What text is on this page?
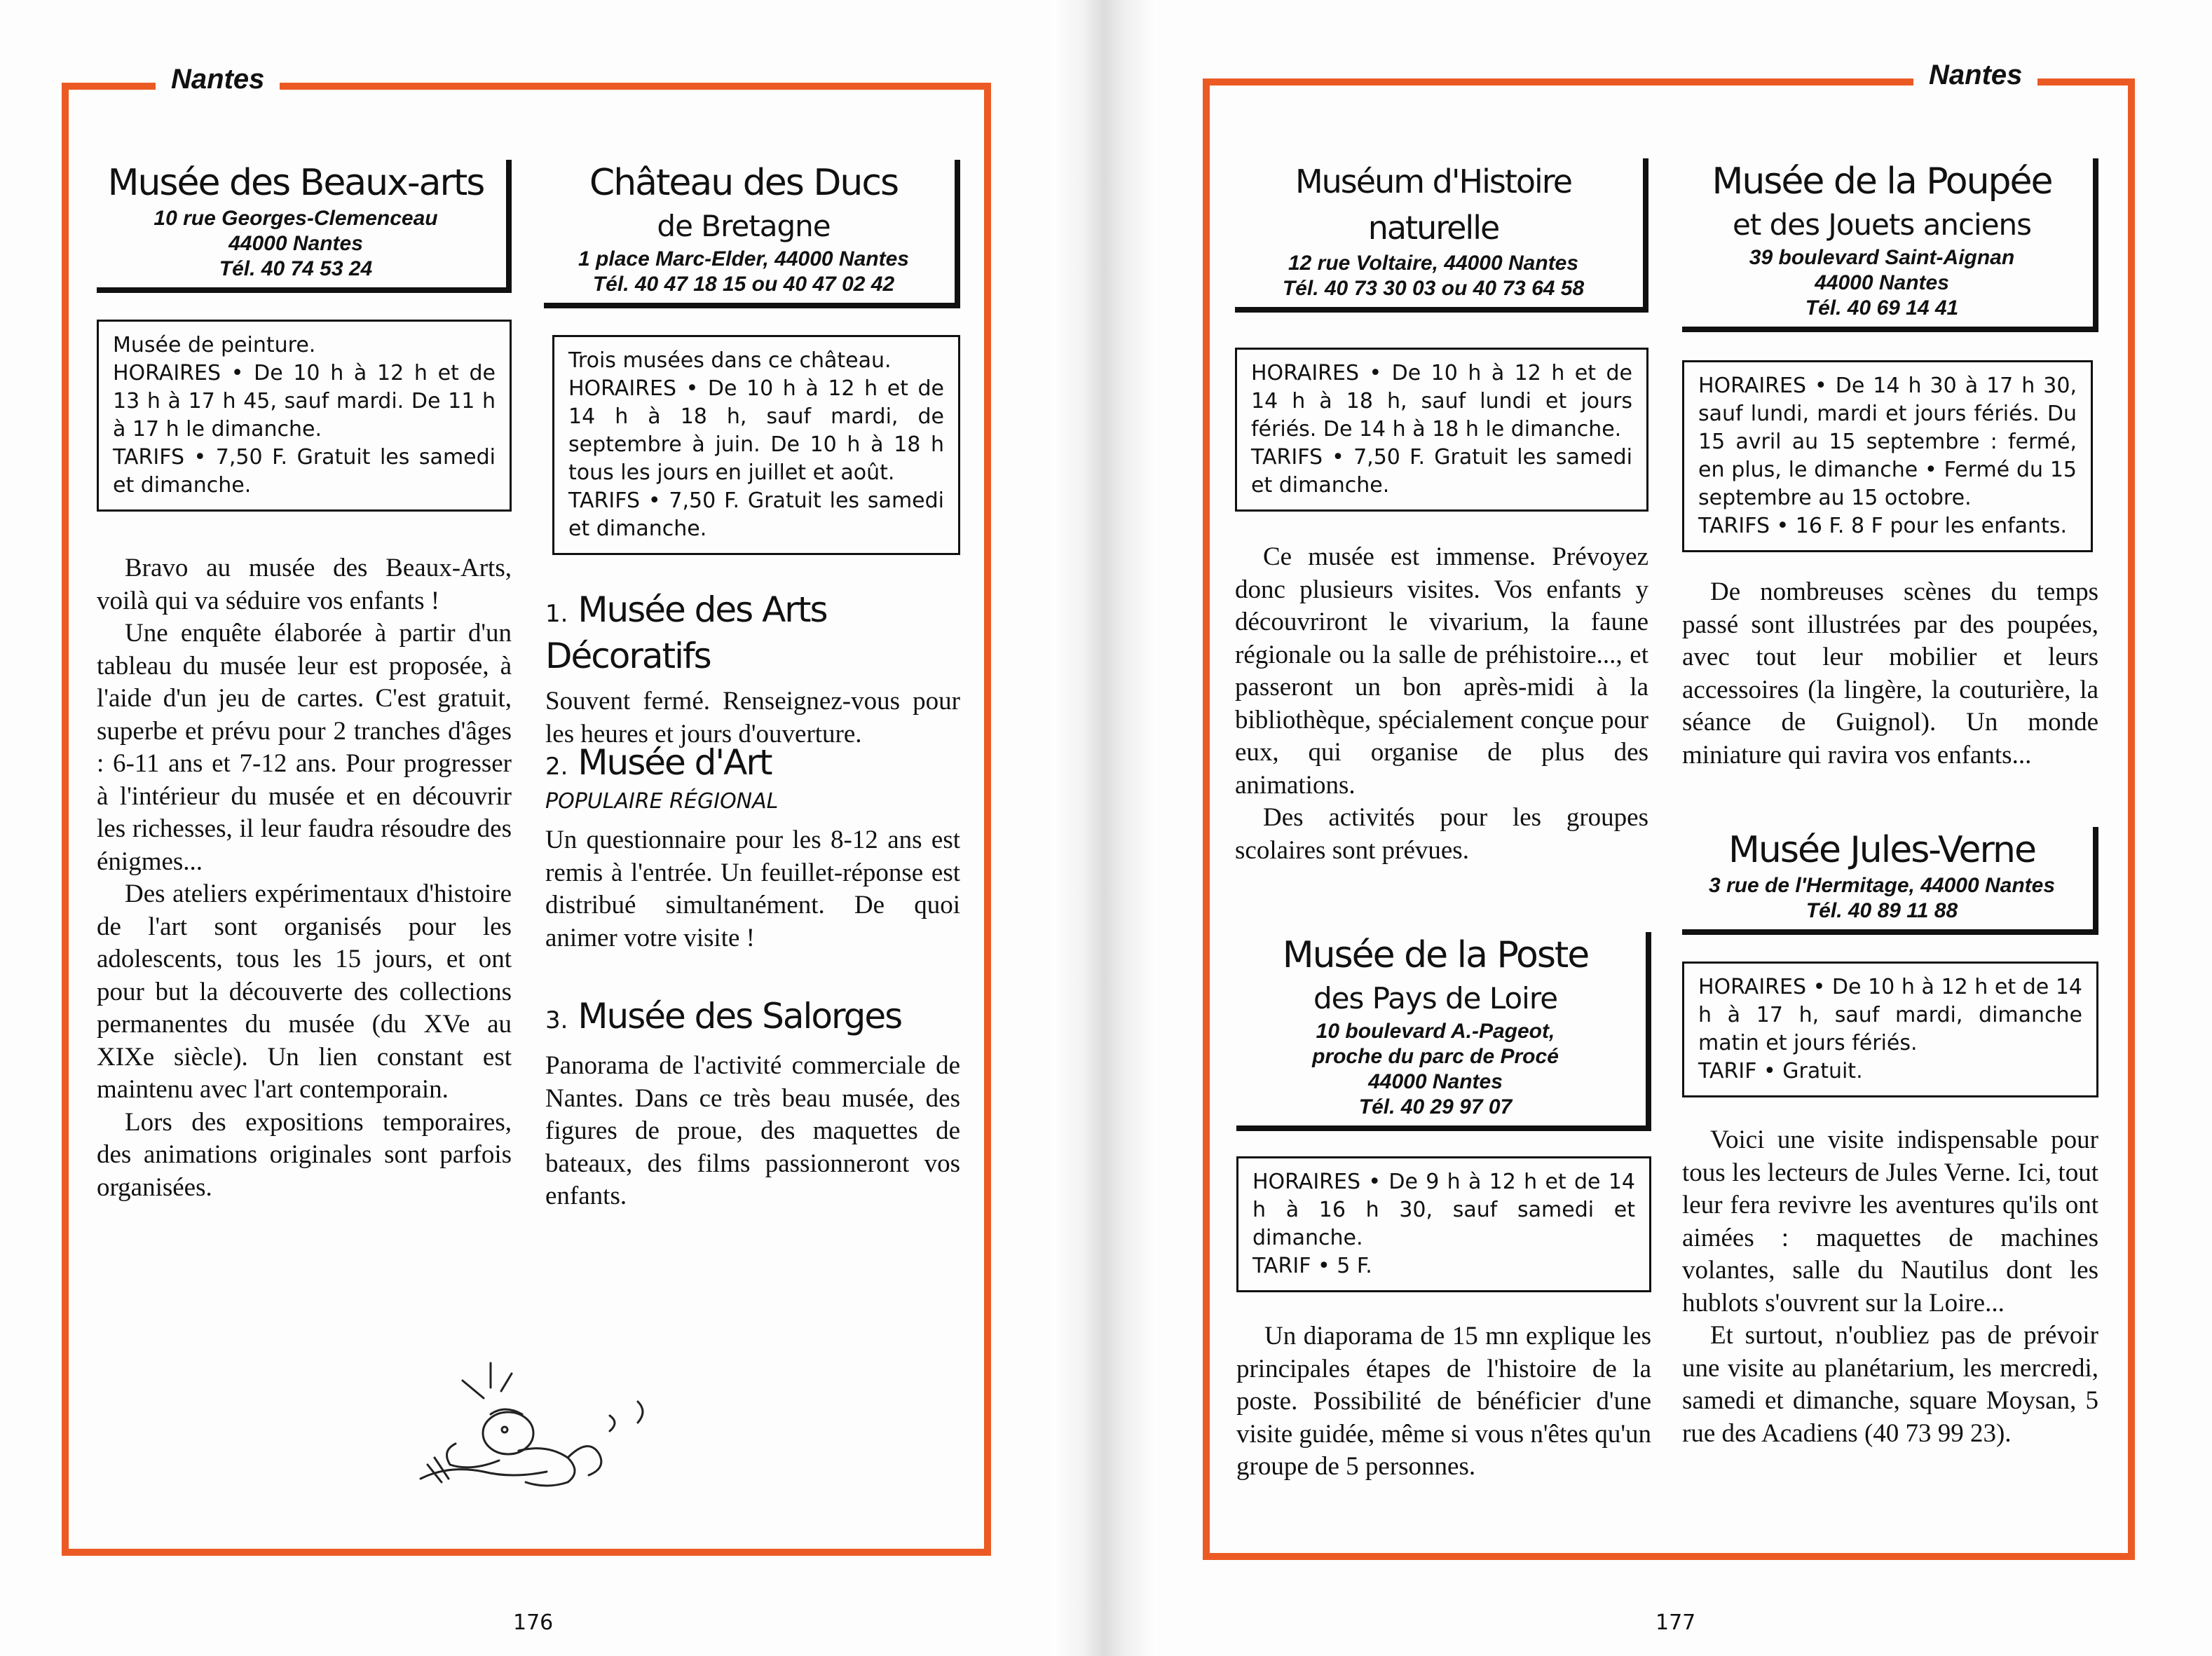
Nantes
Musée des Beaux-arts
10 rue Georges-Clemenceau
44000 Nantes
Tél. 40 74 53 24
Musée de peinture.
HORAIRES • De 10 h à 12 h et de 13 h à 17 h 45, sauf mardi. De 11 h à 17 h le dimanche.
TARIFS • 7,50 F. Gratuit les samedi et dimanche.

Bravo au musée des Beaux-Arts, voilà qui va séduire vos enfants !

Une enquête élaborée à partir d'un tableau du musée leur est proposée, à l'aide d'un jeu de cartes. C'est gratuit, superbe et prévu pour 2 tranches d'âges : 6-11 ans et 7-12 ans. Pour progresser à l'intérieur du musée et en découvrir les richesses, il leur faudra résoudre des énigmes...

Des ateliers expérimentaux d'histoire de l'art sont organisés pour les adolescents, tous les 15 jours, et ont pour but la découverte des collections permanentes du musée (du XVe au XIXe siècle). Un lien constant est maintenu avec l'art contemporain.

Lors des expositions temporaires, des animations originales sont parfois organisées.

Château des Ducs
de Bretagne
1 place Marc-Elder, 44000 Nantes
Tél. 40 47 18 15 ou 40 47 02 42
Trois musées dans ce château.
HORAIRES • De 10 h à 12 h et de 14 h à 18 h, sauf mardi, de septembre à juin. De 10 h à 18 h tous les jours en juillet et août.
TARIFS • 7,50 F. Gratuit les samedi et dimanche.
1. Musée des Arts Décoratifs
Souvent fermé. Renseignez-vous pour les heures et jours d'ouverture.
2. Musée d'Art
POPULAIRE RÉGIONAL
Un questionnaire pour les 8-12 ans est remis à l'entrée. Un feuillet-réponse est distribué simultanément. De quoi animer votre visite !
3. Musée des Salorges
Panorama de l'activité commerciale de Nantes. Dans ce très beau musée, des figures de proue, des maquettes de bateaux, des films passionneront vos enfants.
176
Nantes
Muséum d'Histoire naturelle
12 rue Voltaire, 44000 Nantes
Tél. 40 73 30 03 ou 40 73 64 58
HORAIRES • De 10 h à 12 h et de 14 h à 18 h, sauf lundi et jours fériés. De 14 h à 18 h le dimanche.
TARIFS • 7,50 F. Gratuit les samedi et dimanche.

Ce musée est immense. Prévoyez donc plusieurs visites. Vos enfants y découvriront le vivarium, la faune régionale ou la salle de préhistoire..., et passeront un bon après-midi à la bibliothèque, spécialement conçue pour eux, qui organise de plus des animations.

Des activités pour les groupes scolaires sont prévues.

Musée de la Poste
des Pays de Loire
10 boulevard A.-Pageot,
proche du parc de Procé
44000 Nantes
Tél. 40 29 97 07
HORAIRES • De 9 h à 12 h et de 14 h à 16 h 30, sauf samedi et dimanche.
TARIF • 5 F.

Un diaporama de 15 mn explique les principales étapes de l'histoire de la poste. Possibilité de bénéficier d'une visite guidée, même si vous n'êtes qu'un groupe de 5 personnes.

Musée de la Poupée
et des Jouets anciens
39 boulevard Saint-Aignan
44000 Nantes
Tél. 40 69 14 41
HORAIRES • De 14 h 30 à 17 h 30, sauf lundi, mardi et jours fériés. Du 15 avril au 15 septembre : fermé, en plus, le dimanche • Fermé du 15 septembre au 15 octobre.
TARIFS • 16 F. 8 F pour les enfants.

De nombreuses scènes du temps passé sont illustrées par des poupées, avec tout leur mobilier et leurs accessoires (la lingère, la couturière, la séance de Guignol). Un monde miniature qui ravira vos enfants...

Musée Jules-Verne
3 rue de l'Hermitage, 44000 Nantes
Tél. 40 89 11 88
HORAIRES • De 10 h à 12 h et de 14 h à 17 h, sauf mardi, dimanche matin et jours fériés.
TARIF • Gratuit.

Voici une visite indispensable pour tous les lecteurs de Jules Verne. Ici, tout leur fera revivre les aventures qu'ils ont aimées : maquettes de machines volantes, salle du Nautilus dont les hublots s'ouvrent sur la Loire...

Et surtout, n'oubliez pas de prévoir une visite au planétarium, les mercredi, samedi et dimanche, square Moysan, 5 rue des Acadiens (40 73 99 23).

177
